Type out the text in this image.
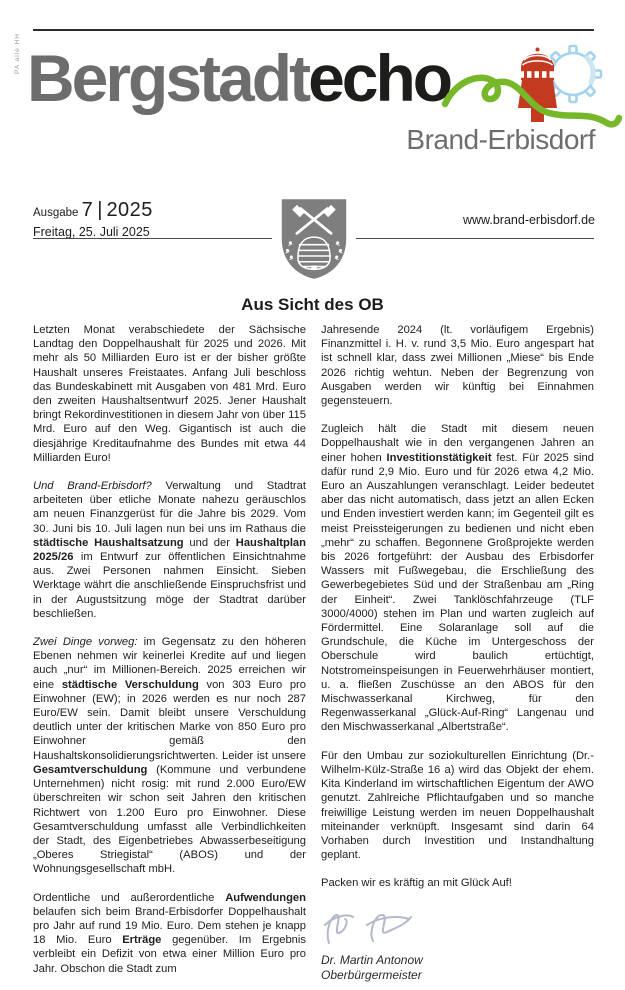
PA alle HH Bergstadtecho
Brand-Erbisdorf
Ausgabe 7 | 2025
Freitag, 25. Juli 2025
www.brand-erbisdorf.de
Aus Sicht des OB

Letzten Monat verabschiedete der Sächsische Landtag den Doppelhaushalt für 2025 und 2026. Mit mehr als 50 Milliarden Euro ist er der bisher größte Haushalt unseres Freistaates. Anfang Juli beschloss das Bundeskabinett mit Ausgaben von 481 Mrd. Euro den zweiten Haushaltsentwurf 2025. Jener Haushalt bringt Rekordinvestitionen in diesem Jahr von über 115 Mrd. Euro auf den Weg. Gigantisch ist auch die diesjährige Kreditaufnahme des Bundes mit etwa 44 Milliarden Euro!

Und Brand-Erbisdorf? Verwaltung und Stadtrat arbeiteten über etliche Monate nahezu geräuschlos am neuen Finanzgerüst für die Jahre bis 2029. Vom 30. Juni bis 10. Juli lagen nun bei uns im Rathaus die städtische Haushaltsatzung und der Haushaltplan 2025/26 im Entwurf zur öffentlichen Einsichtnahme aus. Zwei Personen nahmen Einsicht. Sieben Werktage währt die anschließende Einspruchsfrist und in der Augustsitzung möge der Stadtrat darüber beschließen.

Zwei Dinge vorweg: im Gegensatz zu den höheren Ebenen nehmen wir keinerlei Kredite auf und liegen auch „nur“ im Millionen-Bereich. 2025 erreichen wir eine städtische Verschuldung von 303 Euro pro Einwohner (EW); in 2026 werden es nur noch 287 Euro/EW sein. Damit bleibt unsere Verschuldung deutlich unter der kritischen Marke von 850 Euro pro Einwohner gemäß den Haushaltskonsolidierungsrichtwerten. Leider ist unsere Gesamtverschuldung (Kommune und verbundene Unternehmen) nicht rosig: mit rund 2.000 Euro/EW überschreiten wir schon seit Jahren den kritischen Richtwert von 1.200 Euro pro Einwohner. Diese Gesamtverschuldung umfasst alle Verbindlichkeiten der Stadt, des Eigenbetriebes Abwasserbeseitigung „Oberes Striegistal“ (ABOS) und der Wohnungsgesellschaft mbH.

Ordentliche und außerordentliche Aufwendungen belaufen sich beim Brand-Erbisdorfer Doppelhaushalt pro Jahr auf rund 19 Mio. Euro. Dem stehen je knapp 18 Mio. Euro Erträge gegenüber. Im Ergebnis verbleibt ein Defizit von etwa einer Million Euro pro Jahr. Obschon die Stadt zum

Jahresende 2024 (lt. vorläufigem Ergebnis) Finanzmittel i. H. v. rund 3,5 Mio. Euro angespart hat ist schnell klar, dass zwei Millionen „Miese“ bis Ende 2026 richtig wehtun. Neben der Begrenzung von Ausgaben werden wir künftig bei Einnahmen gegensteuern.

Zugleich hält die Stadt mit diesem neuen Doppelhaushalt wie in den vergangenen Jahren an einer hohen Investitionstätigkeit fest. Für 2025 sind dafür rund 2,9 Mio. Euro und für 2026 etwa 4,2 Mio. Euro an Auszahlungen veranschlagt. Leider bedeutet aber das nicht automatisch, dass jetzt an allen Ecken und Enden investiert werden kann; im Gegenteil gilt es meist Preissteigerungen zu bedienen und nicht eben „mehr“ zu schaffen. Begonnene Großprojekte werden bis 2026 fortgeführt: der Ausbau des Erbisdorfer Wassers mit Fußwegebau, die Erschließung des Gewerbegebietes Süd und der Straßenbau am „Ring der Einheit“. Zwei Tanklöschfahrzeuge (TLF 3000/4000) stehen im Plan und warten zugleich auf Fördermittel. Eine Solaranlage soll auf die Grundschule, die Küche im Untergeschoss der Oberschule wird baulich ertüchtigt, Notstromeinspeisungen in Feuerwehrhäuser montiert, u. a. fließen Zuschüsse an den ABOS für den Mischwasserkanal Kirchweg, für den Regenwasserkanal „Glück-Auf-Ring“ Langenau und den Mischwasserkanal „Albertstraße“.

Für den Umbau zur soziokulturellen Einrichtung (Dr.-Wilhelm-Külz-Straße 16 a) wird das Objekt der ehem. Kita Kinderland im wirtschaftlichen Eigentum der AWO genutzt. Zahlreiche Pflichtaufgaben und so manche freiwillige Leistung werden im neuen Doppelhaushalt miteinander verknüpft. Insgesamt sind darin 64 Vorhaben durch Investition und Instandhaltung geplant.

Packen wir es kräftig an mit Glück Auf!

Dr. Martin Antonow
Oberbürgermeister
